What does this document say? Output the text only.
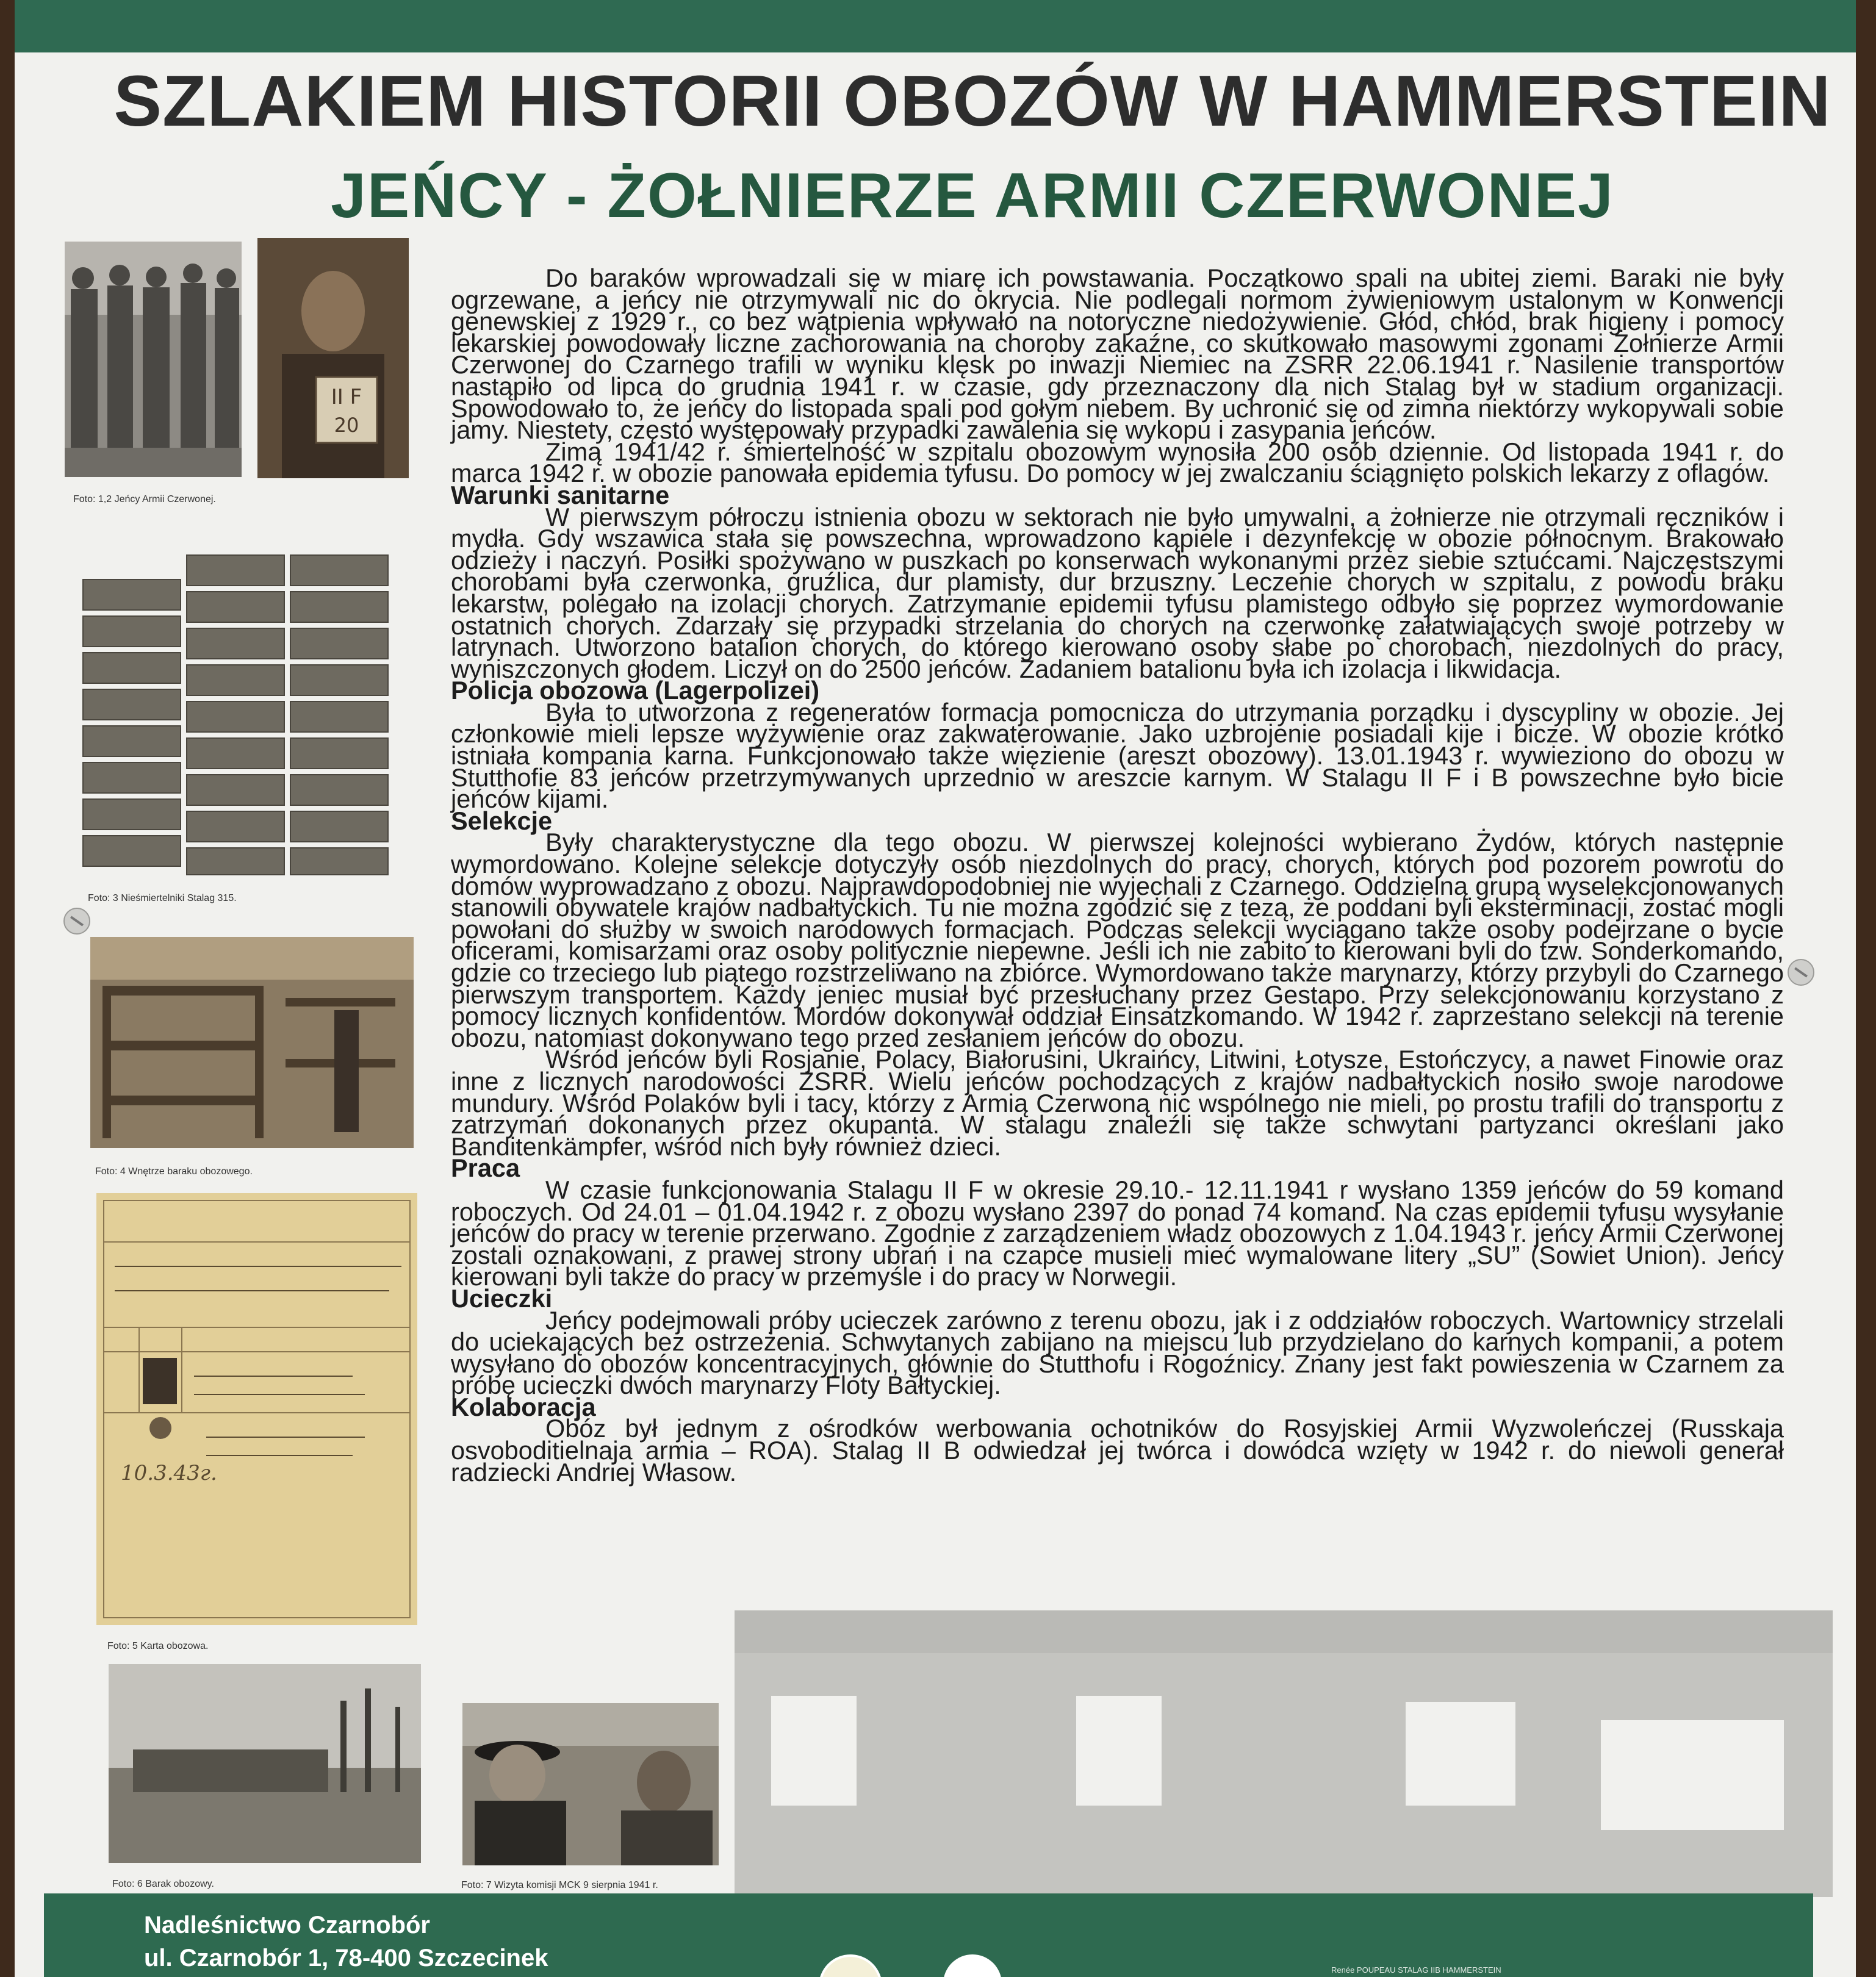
SZLAKIEM HISTORII OBOZÓW W HAMMERSTEIN
JEŃCY - ŻOŁNIERZE ARMII CZERWONEJ
II F
20
Foto: 1,2 Jeńcy Armii Czerwonej.
Foto: 3 Nieśmiertelniki Stalag 315.
Foto: 4 Wnętrze baraku obozowego.
10.3.43г.
Foto: 5 Karta obozowa.
Foto: 6 Barak obozowy.	Foto: 7 Wizyta komisji MCK 9 sierpnia 1941 r.

Do baraków wprowadzali się w miarę ich powstawania. Początkowo spali na ubitej ziemi. Baraki nie były ogrzewane, a jeńcy nie otrzymywali nic do okrycia. Nie podlegali normom żywieniowym ustalonym w Konwencji genewskiej z 1929 r., co bez wątpienia wpływało na notoryczne niedożywienie. Głód, chłód, brak higieny i pomocy lekarskiej powodowały liczne zachorowania na choroby zakaźne, co skutkowało masowymi zgonami Żołnierze Armii Czerwonej do Czarnego trafili w wyniku klęsk po inwazji Niemiec na ZSRR 22.06.1941 r. Nasilenie transportów nastąpiło od lipca do grudnia 1941 r. w czasie, gdy przeznaczony dla nich Stalag był w stadium organizacji. Spowodowało to, że jeńcy do listopada spali pod gołym niebem. By uchronić się od zimna niektórzy wykopywali sobie jamy. Niestety, często występowały przypadki zawalenia się wykopu i zasypania jeńców.

Zimą 1941/42 r. śmiertelność w szpitalu obozowym wynosiła 200 osób dziennie. Od listopada 1941 r. do marca 1942 r. w obozie panowała epidemia tyfusu. Do pomocy w jej zwalczaniu ściągnięto polskich lekarzy z oflagów.

Warunki sanitarne

W pierwszym półroczu istnienia obozu w sektorach nie było umywalni, a żołnierze nie otrzymali ręczników i mydła. Gdy wszawica stała się powszechna, wprowadzono kąpiele i dezynfekcję w obozie północnym. Brakowało odzieży i naczyń. Posiłki spożywano w puszkach po konserwach wykonanymi przez siebie sztućcami. Najczęstszymi chorobami była czerwonka, gruźlica, dur plamisty, dur brzuszny. Leczenie chorych w szpitalu, z powodu braku lekarstw, polegało na izolacji chorych. Zatrzymanie epidemii tyfusu plamistego odbyło się poprzez wymordowanie ostatnich chorych. Zdarzały się przypadki strzelania do chorych na czerwonkę załatwiających swoje potrzeby w latrynach. Utworzono batalion chorych, do którego kierowano osoby słabe po chorobach, niezdolnych do pracy, wyniszczonych głodem. Liczył on do 2500 jeńców. Zadaniem batalionu była ich izolacja i likwidacja.

Policja obozowa (Lagerpolizei)

Była to utworzona z regeneratów formacja pomocnicza do utrzymania porządku i dyscypliny w obozie. Jej członkowie mieli lepsze wyżywienie oraz zakwaterowanie. Jako uzbrojenie posiadali kije i bicze. W obozie krótko istniała kompania karna. Funkcjonowało także więzienie (areszt obozowy). 13.01.1943 r. wywieziono do obozu w Stutthofie 83 jeńców przetrzymywanych uprzednio w areszcie karnym. W Stalagu II F i B powszechne było bicie jeńców kijami.

Selekcje

Były charakterystyczne dla tego obozu. W pierwszej kolejności wybierano Żydów, których następnie wymordowano. Kolejne selekcje dotyczyły osób niezdolnych do pracy, chorych, których pod pozorem powrotu do domów wyprowadzano z obozu. Najprawdopodobniej nie wyjechali z Czarnego. Oddzielną grupą wyselekcjonowanych stanowili obywatele krajów nadbałtyckich. Tu nie można zgodzić się z tezą, że poddani byli eksterminacji, zostać mogli powołani do służby w swoich narodowych formacjach. Podczas selekcji wyciągano także osoby podejrzane o bycie oficerami, komisarzami oraz osoby politycznie niepewne. Jeśli ich nie zabito to kierowani byli do tzw. Sonderkomando, gdzie co trzeciego lub piątego rozstrzeliwano na zbiórce. Wymordowano także marynarzy, którzy przybyli do Czarnego pierwszym transportem. Każdy jeniec musiał być przesłuchany przez Gestapo. Przy selekcjonowaniu korzystano z pomocy licznych konfidentów. Mordów dokonywał oddział Einsatzkomando. W 1942 r. zaprzestano selekcji na terenie obozu, natomiast dokonywano tego przed zesłaniem jeńców do obozu.

Wśród jeńców byli Rosjanie, Polacy, Białorusini, Ukraińcy, Litwini, Łotysze, Estończycy, a nawet Finowie oraz inne z licznych narodowości ZSRR. Wielu jeńców pochodzących z krajów nadbałtyckich nosiło swoje narodowe mundury. Wśród Polaków byli i tacy, którzy z Armią Czerwoną nic wspólnego nie mieli, po prostu trafili do transportu z zatrzymań dokonanych przez okupanta. W stalagu znaleźli się także schwytani partyzanci określani jako Banditenkämpfer, wśród nich były również dzieci.

Praca

W czasie funkcjonowania Stalagu II F w okresie 29.10.- 12.11.1941 r wysłano 1359 jeńców do 59 komand roboczych. Od 24.01 – 01.04.1942 r. z obozu wysłano 2397 do ponad 74 komand. Na czas epidemii tyfusu wysyłanie jeńców do pracy w terenie przerwano. Zgodnie z zarządzeniem władz obozowych z 1.04.1943 r. jeńcy Armii Czerwonej zostali oznakowani, z prawej strony ubrań i na czapce musieli mieć wymalowane litery „SU” (Sowiet Union). Jeńcy kierowani byli także do pracy w przemyśle i do pracy w Norwegii.

Ucieczki

Jeńcy podejmowali próby ucieczek zarówno z terenu obozu, jak i z oddziałów roboczych. Wartownicy strzelali do uciekających bez ostrzeżenia. Schwytanych zabijano na miejscu lub przydzielano do karnych kompanii, a potem wysyłano do obozów koncentracyjnych, głównie do Stutthofu i Rogoźnicy. Znany jest fakt powieszenia w Czarnem za próbę ucieczki dwóch marynarzy Floty Bałtyckiej.

Kolaboracja

Obóz był jednym z ośrodków werbowania ochotników do Rosyjskiej Armii Wyzwoleńczej (Russkaja osvoboditielnaja armia – ROA). Stalag II B odwiedzał jej twórca i dowódca wzięty w 1942 r. do niewoli generał radziecki Andriej Własow.

Nadleśnictwo Czarnobór
ul. Czarnobór 1, 78-400 Szczecinek	Renée POUPEAU STALAG IIB HAMMERSTEIN
